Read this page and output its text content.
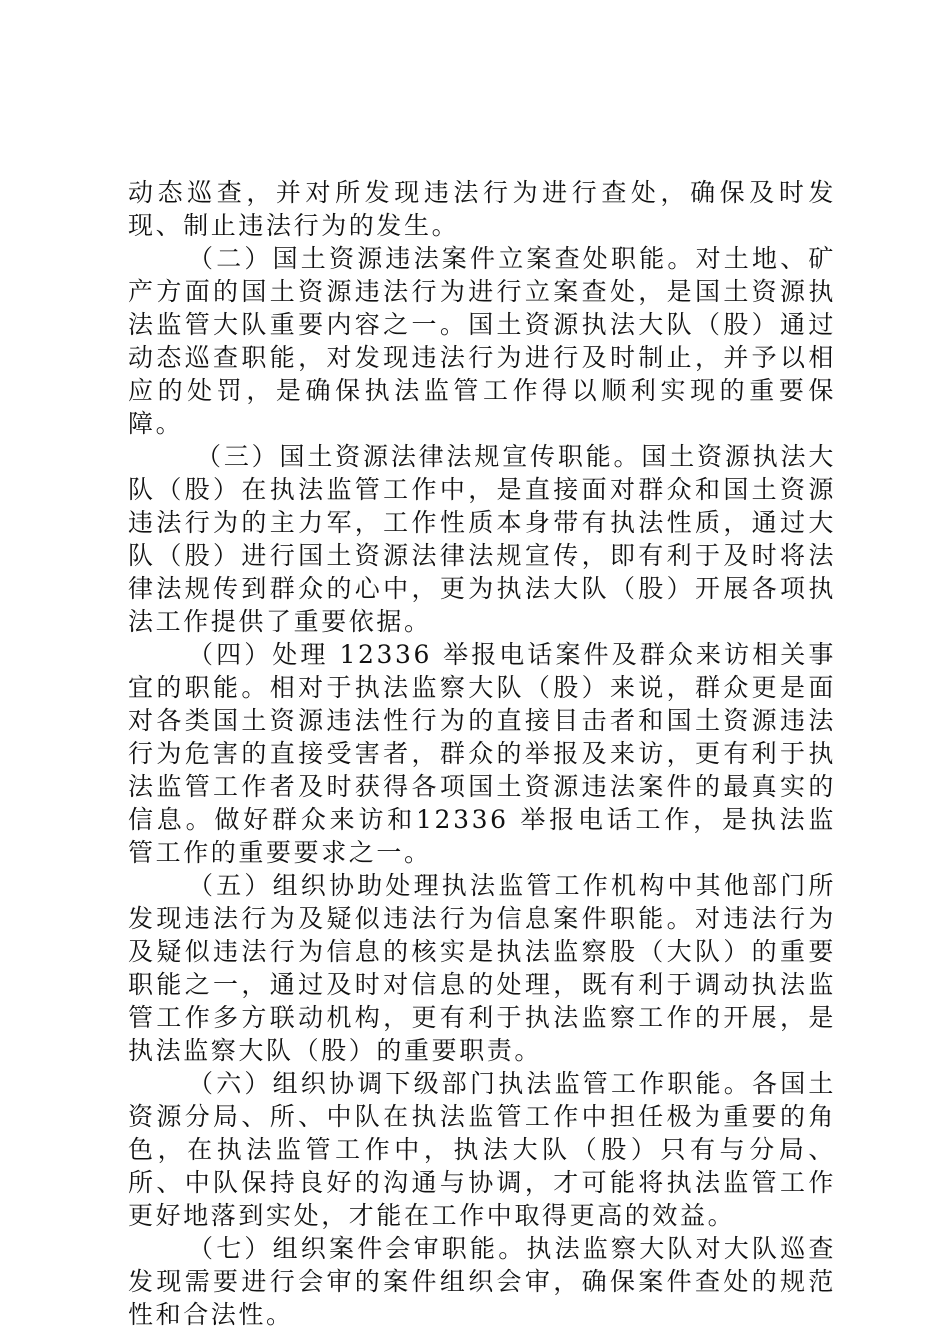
动态巡查，并对所发现违法行为进行查处，确保及时发现、制止违法行为的发生。

（二）国土资源违法案件立案查处职能。对土地、矿产方面的国土资源违法行为进行立案查处，是国土资源执法监管大队重要内容之一。国土资源执法大队（股）通过动态巡查职能，对发现违法行为进行及时制止，并予以相应的处罚，是确保执法监管工作得以顺利实现的重要保障。

（三）国土资源法律法规宣传职能。国土资源执法大队（股）在执法监管工作中，是直接面对群众和国土资源违法行为的主力军，工作性质本身带有执法性质，通过大队（股）进行国土资源法律法规宣传，即有利于及时将法律法规传到群众的心中，更为执法大队（股）开展各项执法工作提供了重要依据。

（四）处理 12336 举报电话案件及群众来访相关事宜的职能。相对于执法监察大队（股）来说，群众更是面对各类国土资源违法性行为的直接目击者和国土资源违法行为危害的直接受害者，群众的举报及来访，更有利于执法监管工作者及时获得各项国土资源违法案件的最真实的信息。做好群众来访和12336 举报电话工作，是执法监管工作的重要要求之一。

（五）组织协助处理执法监管工作机构中其他部门所发现违法行为及疑似违法行为信息案件职能。对违法行为及疑似违法行为信息的核实是执法监察股（大队）的重要职能之一，通过及时对信息的处理，既有利于调动执法监管工作多方联动机构，更有利于执法监察工作的开展，是执法监察大队（股）的重要职责。

（六）组织协调下级部门执法监管工作职能。各国土资源分局、所、中队在执法监管工作中担任极为重要的角色，在执法监管工作中，执法大队（股）只有与分局、所、中队保持良好的沟通与协调，才可能将执法监管工作更好地落到实处，才能在工作中取得更高的效益。

（七）组织案件会审职能。执法监察大队对大队巡查发现需要进行会审的案件组织会审，确保案件查处的规范性和合法性。
